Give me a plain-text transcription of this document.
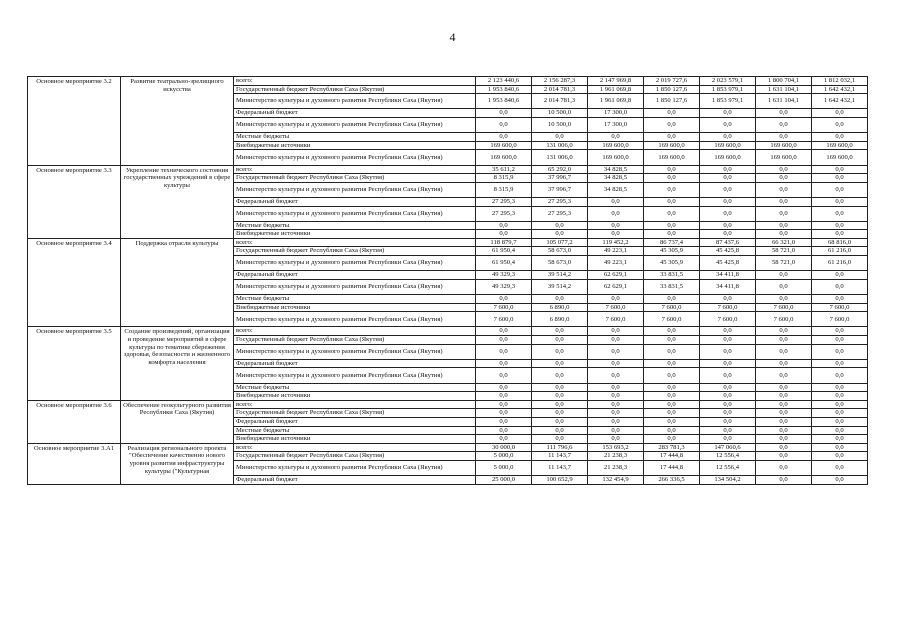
4
Основное мероприятие 3.2	Развитие театрально-зрелищного искусства	всего:	2 123 440,6	2 156 287,3	2 147 969,8	2 019 727,6	2 023 579,1	1 800 704,1	1 812 032,1
		Государственный бюджет Республики Саха (Якутия)	1 953 840,6	2 014 781,3	1 961 069,8	1 850 127,6	1 853 979,1	1 631 104,1	1 642 432,1
		Министерство культуры и духовного развития Республики Саха (Якутия)	1 953 840,6	2 014 781,3	1 961 069,8	1 850 127,6	1 853 979,1	1 631 104,1	1 642 432,1
		Федеральный бюджет	0,0	10 500,0	17 300,0	0,0	0,0	0,0	0,0
		Министерство культуры и духовного развития Республики Саха (Якутия)	0,0	10 500,0	17 300,0	0,0	0,0	0,0	0,0
		Местные бюджеты	0,0	0,0	0,0	0,0	0,0	0,0	0,0
		Внебюджетные источники	169 600,0	131 006,0	169 600,0	169 600,0	169 600,0	169 600,0	169 600,0
		Министерство культуры и духовного развития Республики Саха (Якутия)	169 600,0	131 006,0	169 600,0	169 600,0	169 600,0	169 600,0	169 600,0
Основное мероприятие 3.3	Укрепление технического состояния государственных учреждений в сфере культуры	всего:	35 611,2	65 292,0	34 828,5	0,0	0,0	0,0	0,0
		Государственный бюджет Республики Саха (Якутия)	8 315,9	37 996,7	34 828,5	0,0	0,0	0,0	0,0
		Министерство культуры и духовного развития Республики Саха (Якутия)	8 315,9	37 996,7	34 828,5	0,0	0,0	0,0	0,0
		Федеральный бюджет	27 295,3	27 295,3	0,0	0,0	0,0	0,0	0,0
		Министерство культуры и духовного развития Республики Саха (Якутия)	27 295,3	27 295,3	0,0	0,0	0,0	0,0	0,0
		Местные бюджеты	0,0	0,0	0,0	0,0	0,0	0,0	0,0
		Внебюджетные источники	0,0	0,0	0,0	0,0	0,0	0,0	0,0
Основное мероприятие 3.4	Поддержка отрасли культуры	всего:	118 879,7	105 077,2	119 452,2	86 737,4	87 437,6	66 321,0	68 816,0
		Государственный бюджет Республики Саха (Якутия)	61 950,4	58 673,0	49 223,1	45 305,9	45 425,8	58 721,0	61 216,0
		Министерство культуры и духовного развития Республики Саха (Якутия)	61 950,4	58 673,0	49 223,1	45 305,9	45 425,8	58 721,0	61 216,0
		Федеральный бюджет	49 329,3	39 514,2	62 629,1	33 831,5	34 411,8	0,0	0,0
		Министерство культуры и духовного развития Республики Саха (Якутия)	49 329,3	39 514,2	62 629,1	33 831,5	34 411,8	0,0	0,0
		Местные бюджеты	0,0	0,0	0,0	0,0	0,0	0,0	0,0
		Внебюджетные источники	7 600,0	6 890,0	7 600,0	7 600,0	7 600,0	7 600,0	7 600,0
		Министерство культуры и духовного развития Республики Саха (Якутия)	7 600,0	6 890,0	7 600,0	7 600,0	7 600,0	7 600,0	7 600,0
Основное мероприятие 3.5	Создание произведений, организация и проведение мероприятий в сфере культуры по тематике сбережения здоровья, безопасности и жизненного комфорта населения	всего:	0,0	0,0	0,0	0,0	0,0	0,0	0,0
		Государственный бюджет Республики Саха (Якутия)	0,0	0,0	0,0	0,0	0,0	0,0	0,0
		Министерство культуры и духовного развития Республики Саха (Якутия)	0,0	0,0	0,0	0,0	0,0	0,0	0,0
		Федеральный бюджет	0,0	0,0	0,0	0,0	0,0	0,0	0,0
		Министерство культуры и духовного развития Республики Саха (Якутия)	0,0	0,0	0,0	0,0	0,0	0,0	0,0
		Местные бюджеты	0,0	0,0	0,0	0,0	0,0	0,0	0,0
		Внебюджетные источники	0,0	0,0	0,0	0,0	0,0	0,0	0,0
Основное мероприятие 3.6	Обеспечение геокультурного развития Республики Саха (Якутия)	всего:	0,0	0,0	0,0	0,0	0,0	0,0	0,0
		Государственный бюджет Республики Саха (Якутия)	0,0	0,0	0,0	0,0	0,0	0,0	0,0
		Федеральный бюджет	0,0	0,0	0,0	0,0	0,0	0,0	0,0
		Местные бюджеты	0,0	0,0	0,0	0,0	0,0	0,0	0,0
		Внебюджетные источники	0,0	0,0	0,0	0,0	0,0	0,0	0,0
Основное мероприятие 3.А1	Реализация регионального проекта "Обеспечение качественно нового уровня развития инфраструктуры культуры ("Культурная	всего:	30 000,0	111 796,6	153 693,2	283 781,3	147 060,6	0,0	0,0
		Государственный бюджет Республики Саха (Якутия)	5 000,0	11 143,7	21 238,3	17 444,8	12 556,4	0,0	0,0
		Министерство культуры и духовного развития Республики Саха (Якутия)	5 000,0	11 143,7	21 238,3	17 444,8	12 556,4	0,0	0,0
		Федеральный бюджет	25 000,0	100 652,9	132 454,9	266 336,5	134 504,2	0,0	0,0
